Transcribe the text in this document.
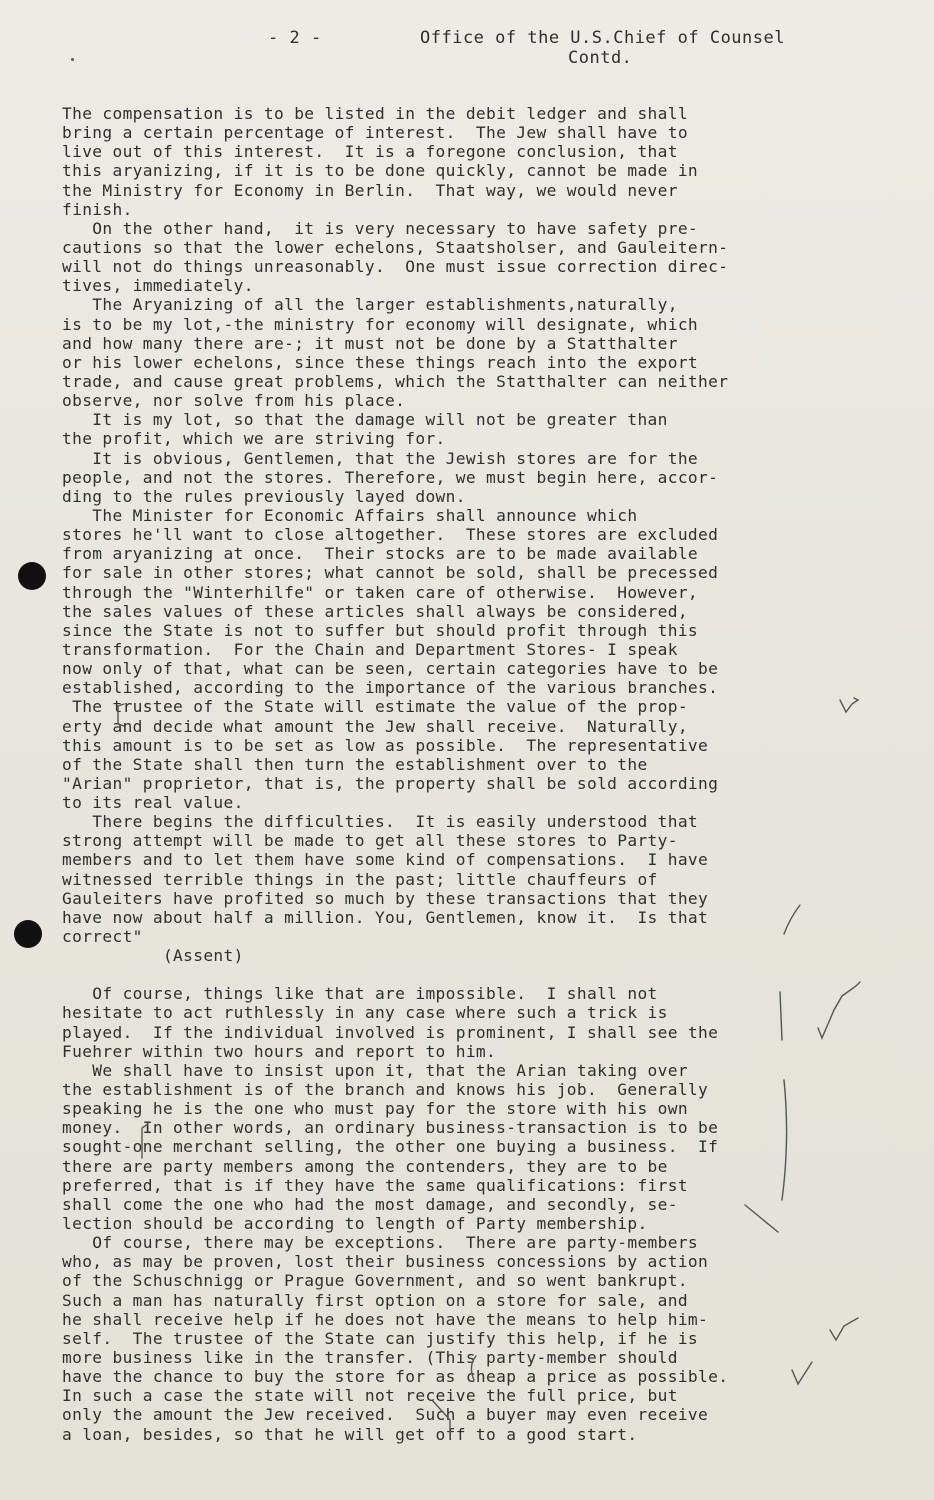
- 2 -	Office of the U.S.Chief of Counsel
Contd.
The compensation is to be listed in the debit ledger and shall
bring a certain percentage of interest.  The Jew shall have to
live out of this interest.  It is a foregone conclusion, that
this aryanizing, if it is to be done quickly, cannot be made in
the Ministry for Economy in Berlin.  That way, we would never
finish.
On the other hand,  it is very necessary to have safety pre-
cautions so that the lower echelons, Staatsholser, and Gauleitern-
will not do things unreasonably.  One must issue correction direc-
tives, immediately.
The Aryanizing of all the larger establishments,naturally,
is to be my lot,-the ministry for economy will designate, which
and how many there are-; it must not be done by a Statthalter
or his lower echelons, since these things reach into the export
trade, and cause great problems, which the Statthalter can neither
observe, nor solve from his place.
It is my lot, so that the damage will not be greater than
the profit, which we are striving for.
It is obvious, Gentlemen, that the Jewish stores are for the
people, and not the stores. Therefore, we must begin here, accor-
ding to the rules previously layed down.
The Minister for Economic Affairs shall announce which
stores he'll want to close altogether.  These stores are excluded
from aryanizing at once.  Their stocks are to be made available
for sale in other stores; what cannot be sold, shall be precessed
through the "Winterhilfe" or taken care of otherwise.  However,
the sales values of these articles shall always be considered,
since the State is not to suffer but should profit through this
transformation.  For the Chain and Department Stores- I speak
now only of that, what can be seen, certain categories have to be
established, according to the importance of the various branches.
The trustee of the State will estimate the value of the prop-
erty and decide what amount the Jew shall receive.  Naturally,
this amount is to be set as low as possible.  The representative
of the State shall then turn the establishment over to the
"Arian" proprietor, that is, the property shall be sold according
to its real value.
There begins the difficulties.  It is easily understood that
strong attempt will be made to get all these stores to Party-
members and to let them have some kind of compensations.  I have
witnessed terrible things in the past; little chauffeurs of
Gauleiters have profited so much by these transactions that they
have now about half a million. You, Gentlemen, know it.  Is that
correct"
(Assent)
Of course, things like that are impossible.  I shall not
hesitate to act ruthlessly in any case where such a trick is
played.  If the individual involved is prominent, I shall see the
Fuehrer within two hours and report to him.
We shall have to insist upon it, that the Arian taking over
the establishment is of the branch and knows his job.  Generally
speaking he is the one who must pay for the store with his own
money.  In other words, an ordinary business-transaction is to be
sought-one merchant selling, the other one buying a business.  If
there are party members among the contenders, they are to be
preferred, that is if they have the same qualifications: first
shall come the one who had the most damage, and secondly, se-
lection should be according to length of Party membership.
Of course, there may be exceptions.  There are party-members
who, as may be proven, lost their business concessions by action
of the Schuschnigg or Prague Government, and so went bankrupt.
Such a man has naturally first option on a store for sale, and
he shall receive help if he does not have the means to help him-
self.  The trustee of the State can justify this help, if he is
more business like in the transfer. (This party-member should
have the chance to buy the store for as cheap a price as possible.
In such a case the state will not receive the full price, but
only the amount the Jew received.  Such a buyer may even receive
a loan, besides, so that he will get off to a good start.
